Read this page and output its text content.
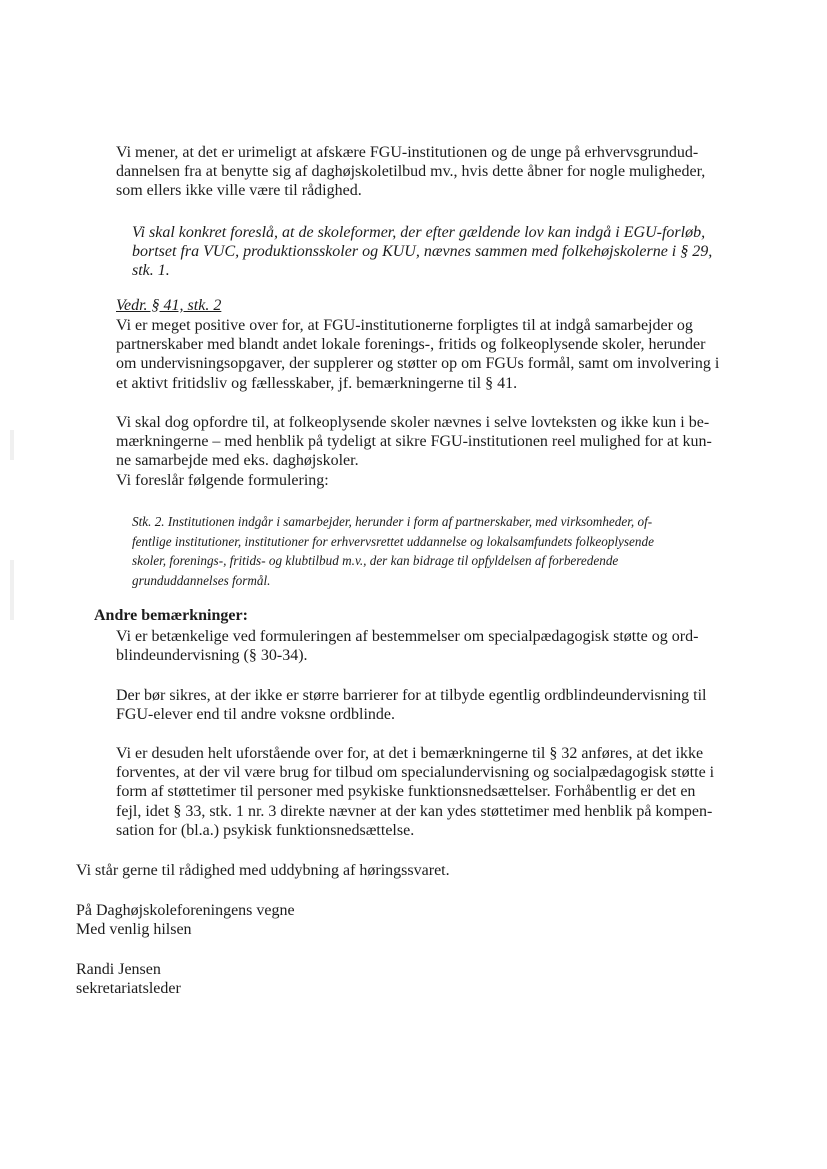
Vi mener, at det er urimeligt at afskære FGU-institutionen og de unge på erhvervsgrundud-
dannelsen fra at benytte sig af daghøjskoletilbud mv., hvis dette åbner for nogle muligheder,
som ellers ikke ville være til rådighed.
Vi skal konkret foreslå, at de skoleformer, der efter gældende lov kan indgå i EGU-forløb,
bortset fra VUC, produktionsskoler og KUU, nævnes sammen med folkehøjskolerne i § 29,
stk. 1.
Vedr. § 41, stk. 2
Vi er meget positive over for, at FGU-institutionerne forpligtes til at indgå samarbejder og
partnerskaber med blandt andet lokale forenings-, fritids og folkeoplysende skoler, herunder
om undervisningsopgaver, der supplerer og støtter op om FGUs formål, samt om involvering i
et aktivt fritidsliv og fællesskaber, jf. bemærkningerne til § 41.
Vi skal dog opfordre til, at folkeoplysende skoler nævnes i selve lovteksten og ikke kun i be-
mærkningerne – med henblik på tydeligt at sikre FGU-institutionen reel mulighed for at kun-
ne samarbejde med eks. daghøjskoler.
Vi foreslår følgende formulering:
Stk. 2. Institutionen indgår i samarbejder, herunder i form af partnerskaber, med virksomheder, of-
fentlige institutioner, institutioner for erhvervsrettet uddannelse og lokalsamfundets folkeoplysende
skoler, forenings-, fritids- og klubtilbud m.v., der kan bidrage til opfyldelsen af forberedende
grunduddannelses formål.
Andre bemærkninger:
Vi er betænkelige ved formuleringen af bestemmelser om specialpædagogisk støtte og ord-
blindeundervisning (§ 30-34).
Der bør sikres, at der ikke er større barrierer for at tilbyde egentlig ordblindeundervisning til
FGU-elever end til andre voksne ordblinde.
Vi er desuden helt uforstående over for, at det i bemærkningerne til § 32 anføres, at det ikke
forventes, at der vil være brug for tilbud om specialundervisning og socialpædagogisk støtte i
form af støttetimer til personer med psykiske funktionsnedsættelser. Forhåbentlig er det en
fejl, idet § 33, stk. 1 nr. 3 direkte nævner at der kan ydes støttetimer med henblik på kompen-
sation for (bl.a.) psykisk funktionsnedsættelse.
Vi står gerne til rådighed med uddybning af høringssvaret.
På Daghøjskoleforeningens vegne
Med venlig hilsen
Randi Jensen
sekretariatsleder
